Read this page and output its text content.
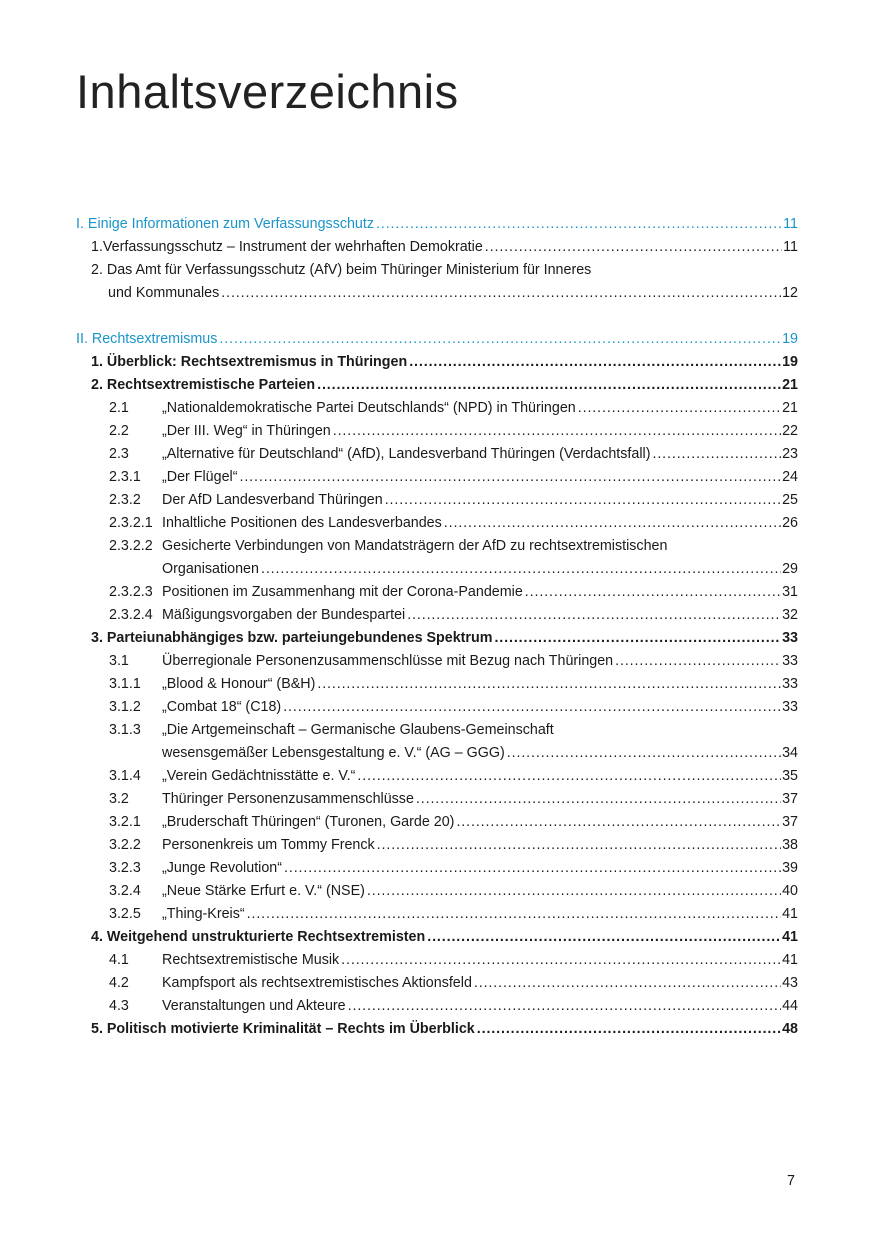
Inhaltsverzeichnis
I. Einige Informationen zum Verfassungsschutz . . .	11
1.Verfassungsschutz – Instrument der wehrhaften Demokratie . . .	11
2. Das Amt für Verfassungsschutz (AfV) beim Thüringer Ministerium für Inneres
und Kommunales . . .	12
II. Rechtsextremismus . . .	19
1. Überblick: Rechtsextremismus in Thüringen . . .	19
2. Rechtsextremistische Parteien . . .	21
2.1 „Nationaldemokratische Partei Deutschlands“ (NPD) in Thüringen . . .	21
2.2 „Der III. Weg“ in Thüringen . . .	22
2.3 „Alternative für Deutschland“ (AfD), Landesverband Thüringen (Verdachtsfall) . . .	23
2.3.1 „Der Flügel“ . . .	24
2.3.2 Der AfD Landesverband Thüringen . . .	25
2.3.2.1 Inhaltliche Positionen des Landesverbandes . . .	26
2.3.2.2 Gesicherte Verbindungen von Mandatsträgern der AfD zu rechtsextremistischen
Organisationen . . .	29
2.3.2.3 Positionen im Zusammenhang mit der Corona-Pandemie . . .	31
2.3.2.4 Mäßigungsvorgaben der Bundespartei . . .	32
3. Parteiunabhängiges bzw. parteiungebundenes Spektrum . . .	33
3.1 Überregionale Personenzusammenschlüsse mit Bezug nach Thüringen . . .	33
3.1.1 „Blood & Honour“ (B&H) . . .	33
3.1.2 „Combat 18“ (C18) . . .	33
3.1.3 „Die Artgemeinschaft – Germanische Glaubens-Gemeinschaft
wesensgemäßer Lebensgestaltung e. V.“ (AG – GGG) . . .	34
3.1.4 „Verein Gedächtnisstätte e. V.“ . . .	35
3.2 Thüringer Personenzusammenschlüsse . . .	37
3.2.1 „Bruderschaft Thüringen“ (Turonen, Garde 20) . . .	37
3.2.2 Personenkreis um Tommy Frenck . . .	38
3.2.3 „Junge Revolution“ . . .	39
3.2.4 „Neue Stärke Erfurt e. V.“ (NSE) . . .	40
3.2.5 „Thing-Kreis“ . . .	41
4. Weitgehend unstrukturierte Rechtsextremisten . . .	41
4.1 Rechtsextremistische Musik . . .	41
4.2 Kampfsport als rechtsextremistisches Aktionsfeld . . .	43
4.3 Veranstaltungen und Akteure . . .	44
5. Politisch motivierte Kriminalität – Rechts im Überblick . . .	48
7
